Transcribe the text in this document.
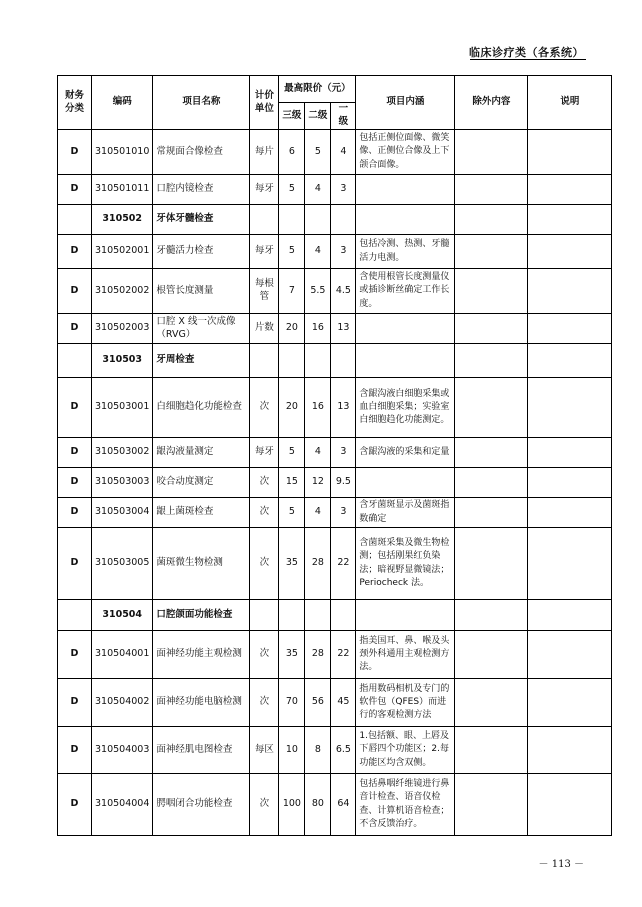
临床诊疗类（各系统）
财务分类	编码	项目名称	计价单位	最高限价（元）			项目内涵	除外内容	说明
				三级	二级	一级			
D	310501010	常规面合像检查	每片	6	5	4	包括正侧位面像、微笑像、正侧位合像及上下颌合面像。		
D	310501011	口腔内镜检查	每牙	5	4	3			
	310502	牙体牙髓检查							
D	310502001	牙髓活力检查	每牙	5	4	3	包括冷测、热测、牙髓活力电测。		
D	310502002	根管长度测量	每根管	7	5.5	4.5	含使用根管长度测量仪或插诊断丝确定工作长度。		
D	310502003	口腔 X 线一次成像（RVG）	片数	20	16	13			
	310503	牙周检查							
D	310503001	白细胞趋化功能检查	次	20	16	13	含龈沟液白细胞采集或血白细胞采集；实验室白细胞趋化功能测定。		
D	310503002	龈沟液量测定	每牙	5	4	3	含龈沟液的采集和定量		
D	310503003	咬合动度测定	次	15	12	9.5			
D	310503004	龈上菌斑检查	次	5	4	3	含牙菌斑显示及菌斑指数确定		
D	310503005	菌斑微生物检测	次	35	28	22	含菌斑采集及微生物检测；包括刚果红负染法；暗视野显微镜法；Periocheck 法。		
	310504	口腔颌面功能检查							
D	310504001	面神经功能主观检测	次	35	28	22	指美国耳、鼻、喉及头颈外科通用主观检测方法。		
D	310504002	面神经功能电脑检测	次	70	56	45	指用数码相机及专门的软件包（QFES）而进行的客观检测方法		
D	310504003	面神经肌电图检查	每区	10	8	6.5	1.包括额、眼、上唇及下唇四个功能区；2.每功能区均含双侧。		
D	310504004	腭咽闭合功能检查	次	100	80	64	包括鼻咽纤维镜进行鼻音计检查、语音仪检查、计算机语音检查；不含反馈治疗。		
－ 113 －
